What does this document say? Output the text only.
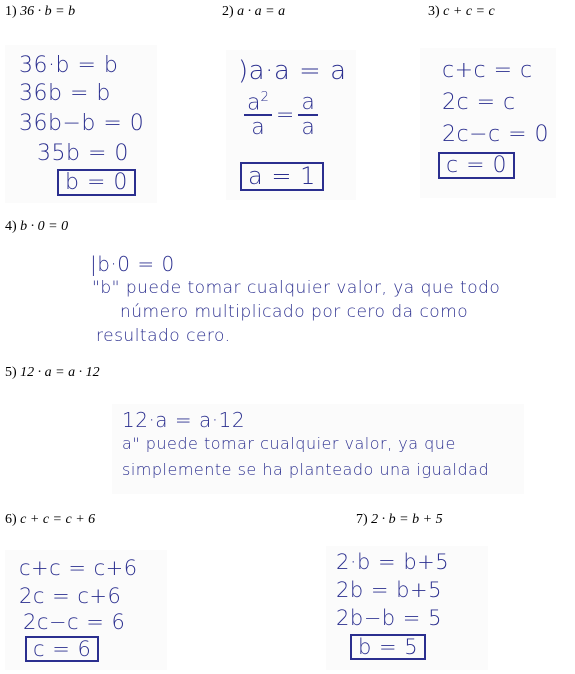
1) 36 · b = b
36·b = b
36b = b
36b−b = 0
35b = 0
b = 0
2) a · a = a
)a·a = a
$\frac{a^2}{a} = \frac{a}{a}$
a = 1
3) c + c = c
c+c = c
2c = c
2c−c = 0
c = 0
4) b · 0 = 0
|b·0 = 0
"b" puede tomar cualquier valor, ya que todo
número multiplicado por cero da como
resultado cero.
5) 12 · a = a · 12
12·a = a·12
a" puede tomar cualquier valor, ya que
simplemente se ha planteado una igualdad
6) c + c = c + 6
c+c = c+6
2c = c+6
2c−c = 6
c = 6
7) 2 · b = b + 5
2·b = b+5
2b = b+5
2b−b = 5
b = 5
